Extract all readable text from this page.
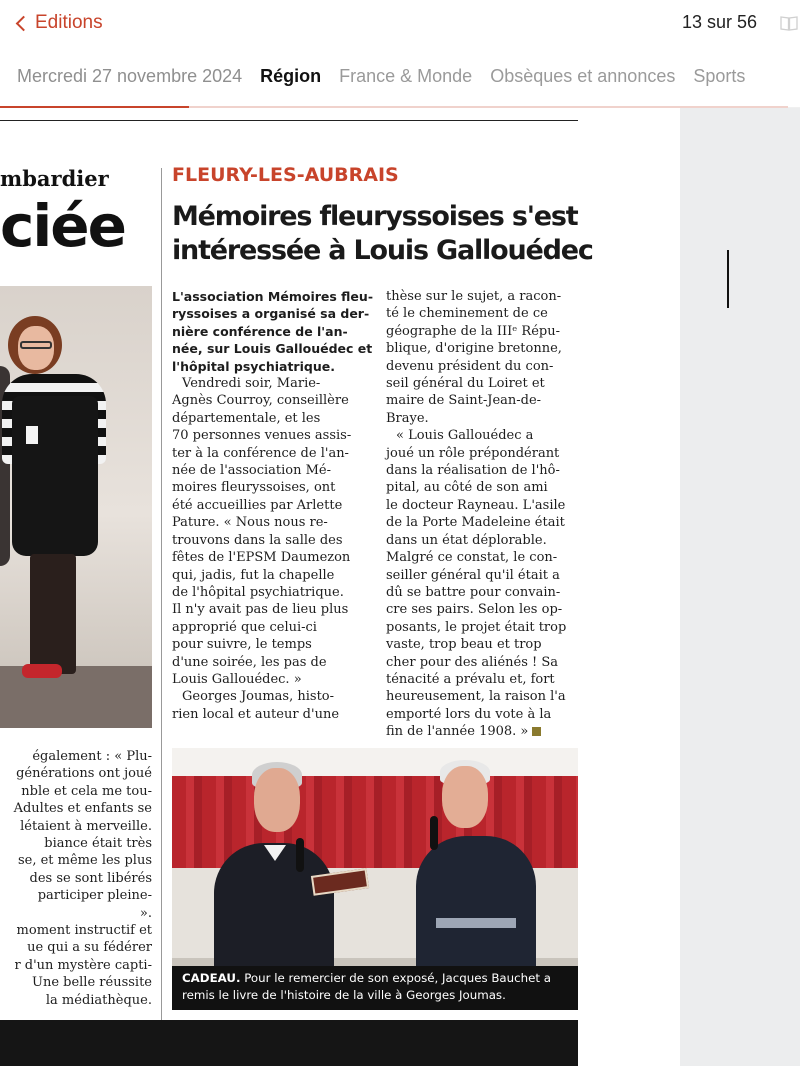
Editions	13 sur 56
Mercredi 27 novembre 2024 Région France & Monde Obsèques et annonces Sports
mbardier
ciée
également : « Plu-
générations ont joué
nble et cela me tou-
Adultes et enfants se
létaient à merveille.
biance était très
se, et même les plus
des se sont libérés
participer pleine-
».
moment instructif et
ue qui a su fédérer
r d'un mystère capti-
Une belle réussite
la médiathèque.
FLEURY-LES-AUBRAIS
Mémoires fleuryssoises s'est
intéressée à Louis Gallouédec
L'association Mémoires fleu-
ryssoises a organisé sa der-
nière conférence de l'an-
née, sur Louis Gallouédec et
l'hôpital psychiatrique.
Vendredi soir, Marie-
Agnès Courroy, conseillère
départementale, et les
70 personnes venues assis-
ter à la conférence de l'an-
née de l'association Mé-
moires fleuryssoises, ont
été accueillies par Arlette
Pature. « Nous nous re-
trouvons dans la salle des
fêtes de l'EPSM Daumezon
qui, jadis, fut la chapelle
de l'hôpital psychiatrique.
Il n'y avait pas de lieu plus
approprié que celui-ci
pour suivre, le temps
d'une soirée, les pas de
Louis Gallouédec. »
Georges Joumas, histo-
rien local et auteur d'une
thèse sur le sujet, a racon-
té le cheminement de ce
géographe de la IIIᵉ Répu-
blique, d'origine bretonne,
devenu président du con-
seil général du Loiret et
maire de Saint-Jean-de-
Braye.
« Louis Gallouédec a
joué un rôle prépondérant
dans la réalisation de l'hô-
pital, au côté de son ami
le docteur Rayneau. L'asile
de la Porte Madeleine était
dans un état déplorable.
Malgré ce constat, le con-
seiller général qu'il était a
dû se battre pour convain-
cre ses pairs. Selon les op-
posants, le projet était trop
vaste, trop beau et trop
cher pour des aliénés ! Sa
ténacité a prévalu et, fort
heureusement, la raison l'a
emporté lors du vote à la
fin de l'année 1908. »
CADEAU. Pour le remercier de son exposé, Jacques Bauchet a
remis le livre de l'histoire de la ville à Georges Joumas.
